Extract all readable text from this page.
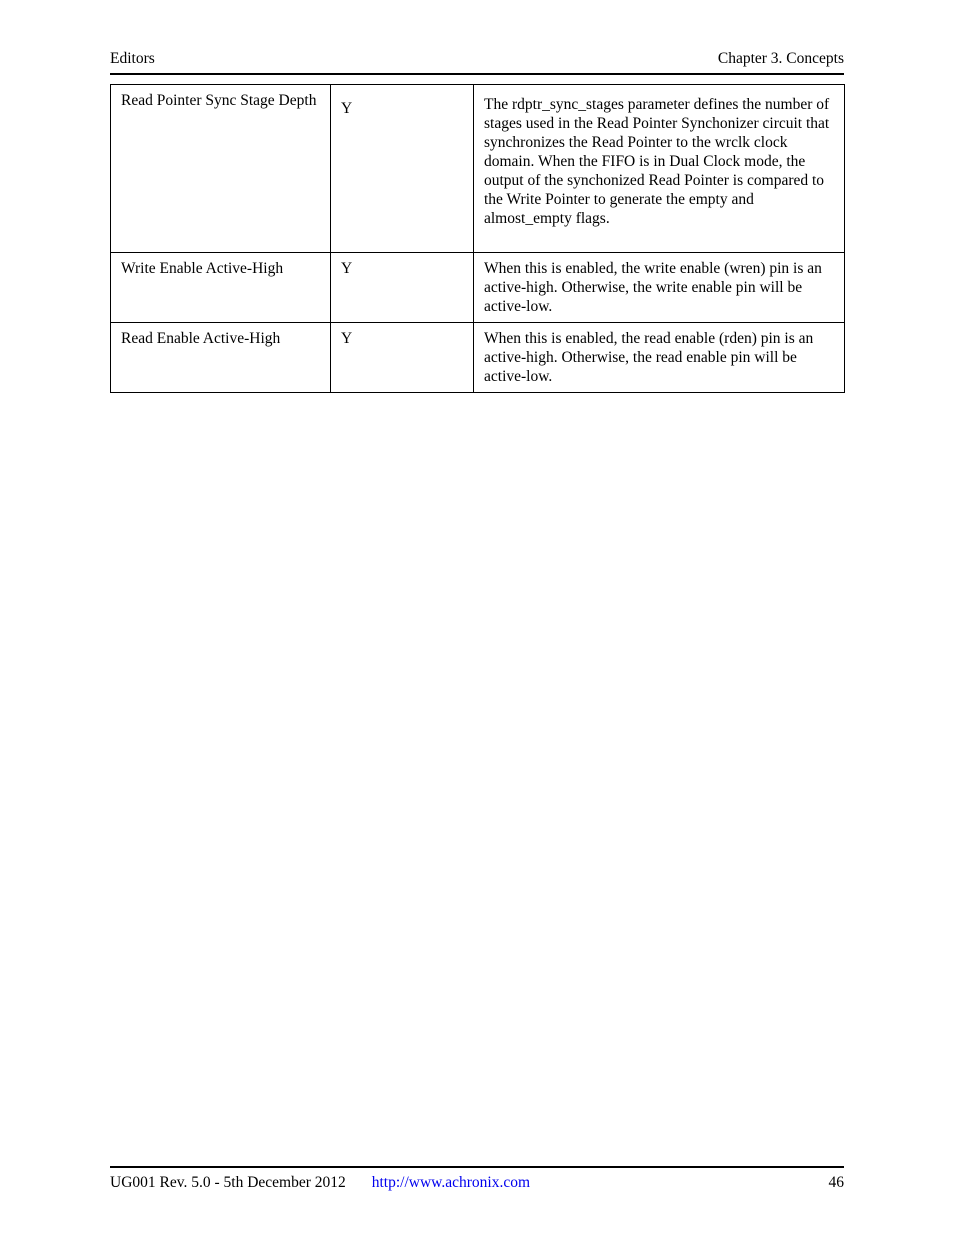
Editors	Chapter 3. Concepts
Read Pointer Sync Stage Depth	Y	The rdptr_sync_stages parameter defines the number of stages used in the Read Pointer Synchonizer circuit that synchronizes the Read Pointer to the wrclk clock domain. When the FIFO is in Dual Clock mode, the output of the synchonized Read Pointer is compared to the Write Pointer to generate the empty and almost_empty flags.
Write Enable Active-High	Y	When this is enabled, the write enable (wren) pin is an active-high. Otherwise, the write enable pin will be active-low.
Read Enable Active-High	Y	When this is enabled, the read enable (rden) pin is an active-high. Otherwise, the read enable pin will be active-low.
UG001 Rev. 5.0 - 5th December 2012 http://www.achronix.com	46
